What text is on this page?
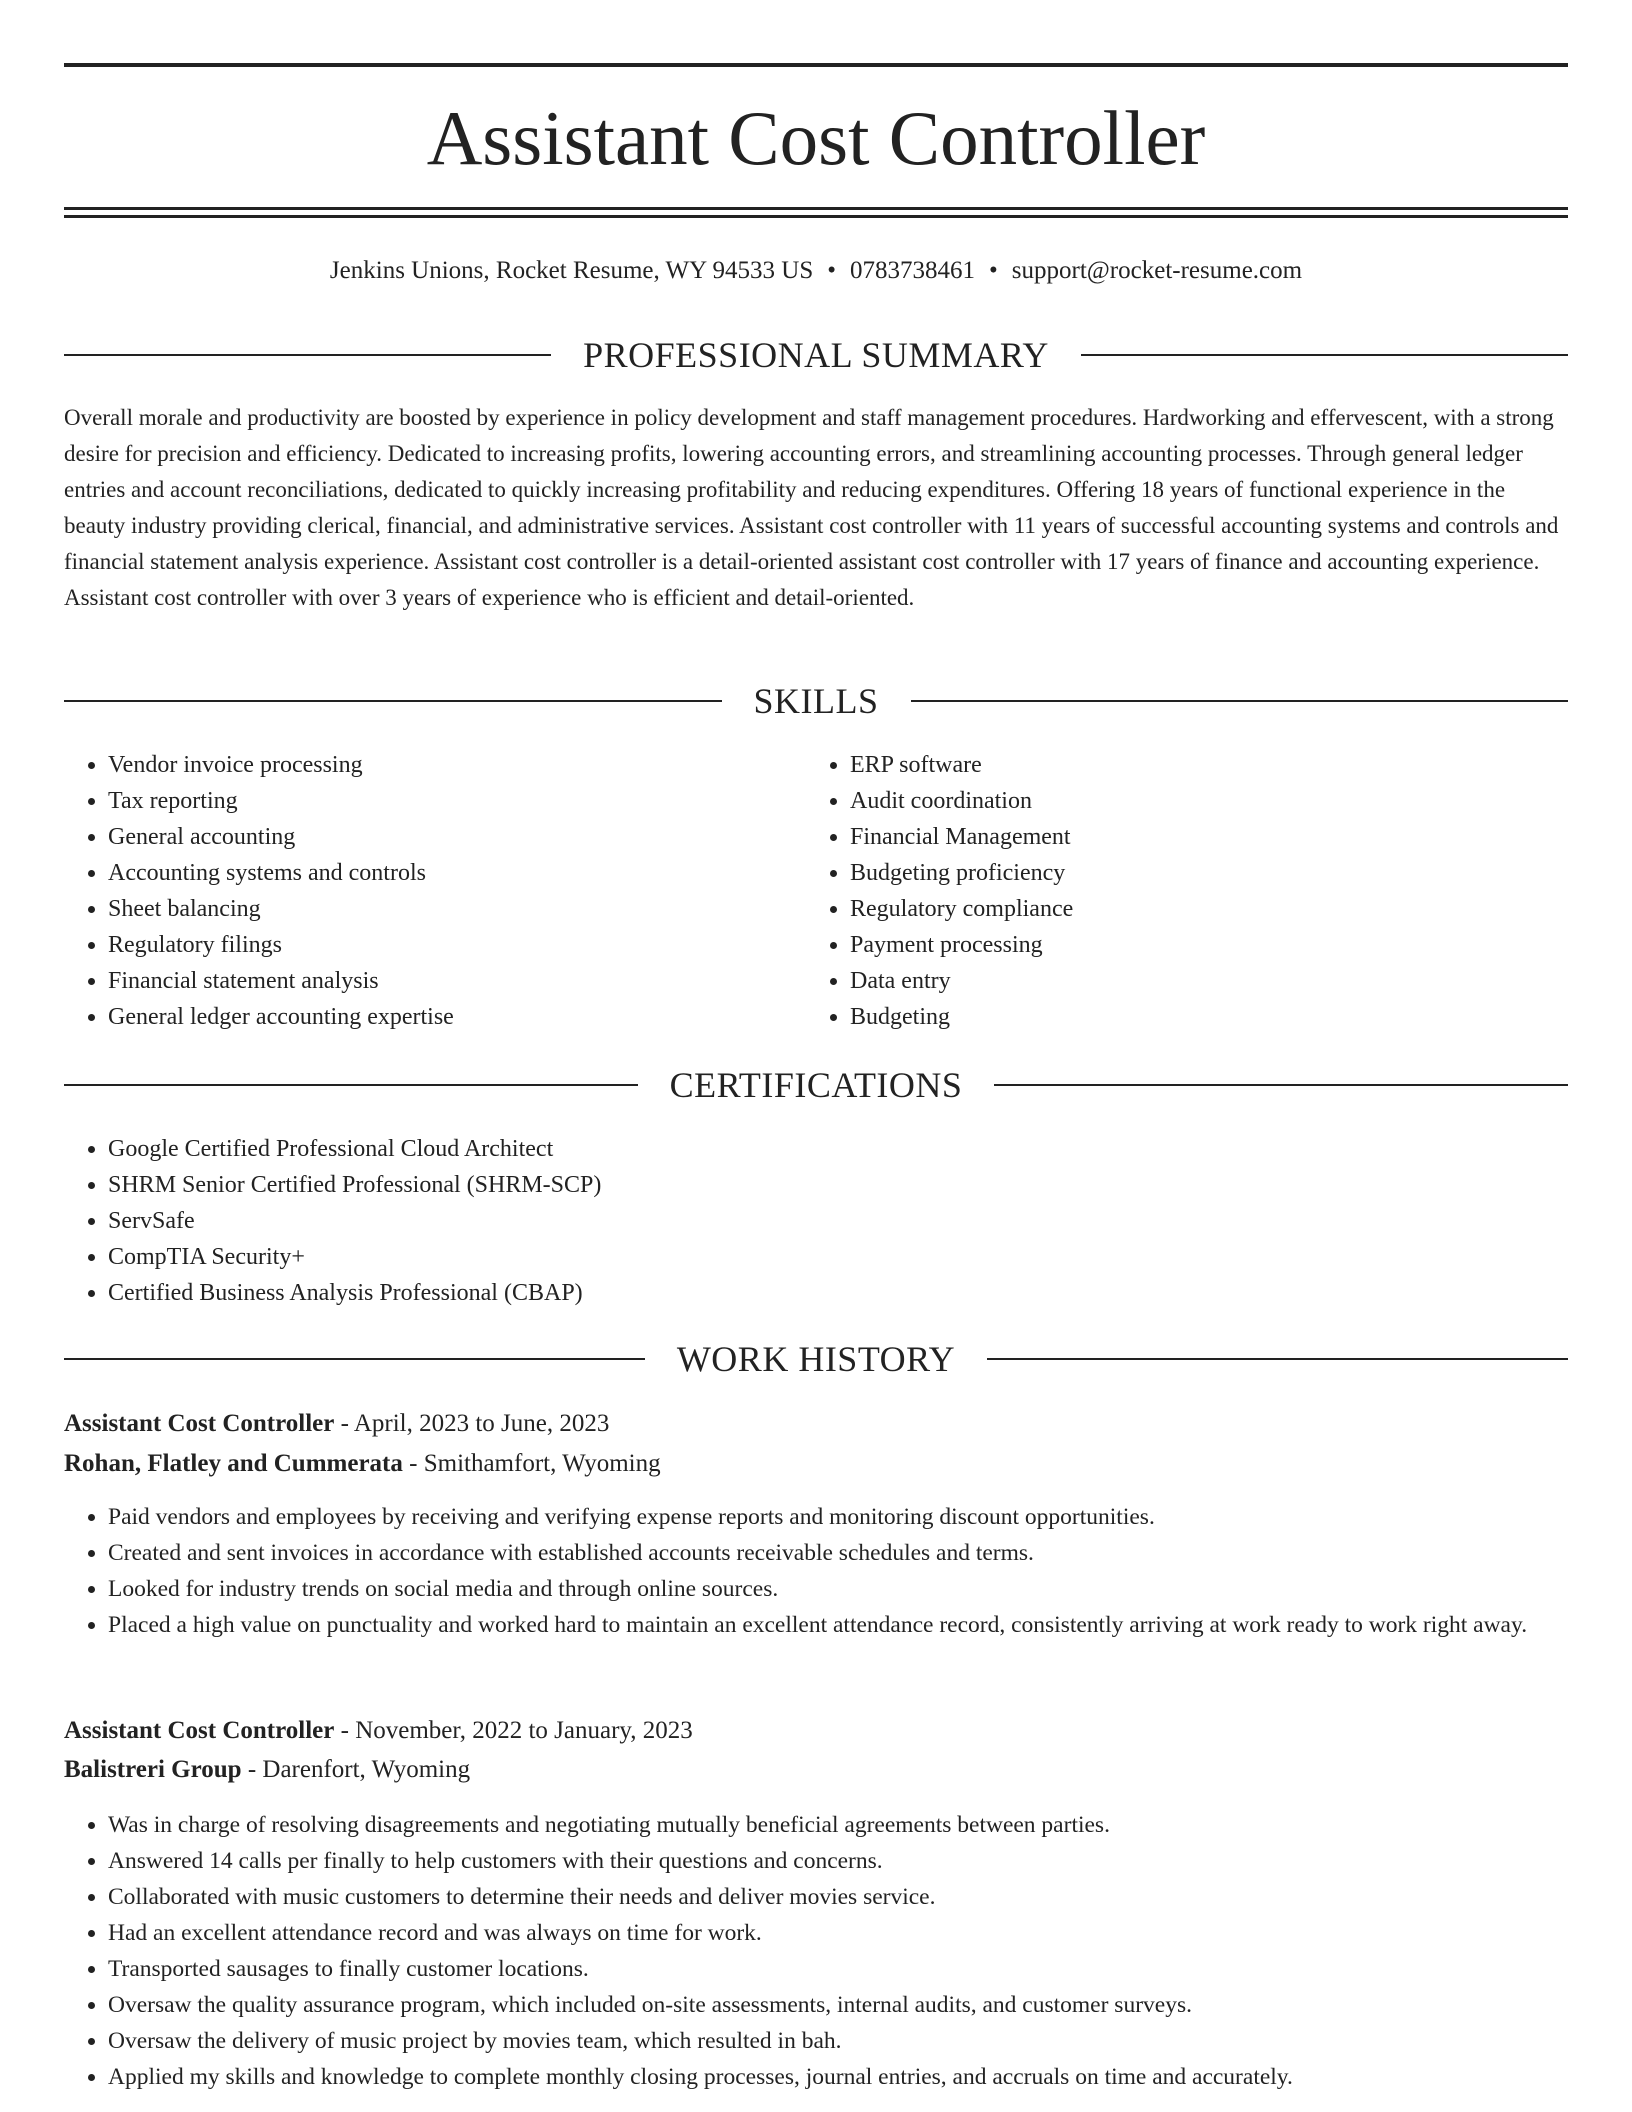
Assistant Cost Controller
Jenkins Unions, Rocket Resume, WY 94533 US • 0783738461 • support@rocket-resume.com
PROFESSIONAL SUMMARY

Overall morale and productivity are boosted by experience in policy development and staff management procedures. Hardworking and effervescent, with a strong desire for precision and efficiency. Dedicated to increasing profits, lowering accounting errors, and streamlining accounting processes. Through general ledger entries and account reconciliations, dedicated to quickly increasing profitability and reducing expenditures. Offering 18 years of functional experience in the beauty industry providing clerical, financial, and administrative services. Assistant cost controller with 11 years of successful accounting systems and controls and financial statement analysis experience. Assistant cost controller is a detail-oriented assistant cost controller with 17 years of finance and accounting experience. Assistant cost controller with over 3 years of experience who is efficient and detail-oriented.

SKILLS
• Vendor invoice processing
• Tax reporting
• General accounting
• Accounting systems and controls
• Sheet balancing
• Regulatory filings
• Financial statement analysis
• General ledger accounting expertise
• ERP software
• Audit coordination
• Financial Management
• Budgeting proficiency
• Regulatory compliance
• Payment processing
• Data entry
• Budgeting
CERTIFICATIONS
• Google Certified Professional Cloud Architect
• SHRM Senior Certified Professional (SHRM-SCP)
• ServSafe
• CompTIA Security+
• Certified Business Analysis Professional (CBAP)
WORK HISTORY
Assistant Cost Controller - April, 2023 to June, 2023
Rohan, Flatley and Cummerata - Smithamfort, Wyoming
• Paid vendors and employees by receiving and verifying expense reports and monitoring discount opportunities.
• Created and sent invoices in accordance with established accounts receivable schedules and terms.
• Looked for industry trends on social media and through online sources.
• Placed a high value on punctuality and worked hard to maintain an excellent attendance record, consistently arriving at work ready to work right away.
Assistant Cost Controller - November, 2022 to January, 2023
Balistreri Group - Darenfort, Wyoming
• Was in charge of resolving disagreements and negotiating mutually beneficial agreements between parties.
• Answered 14 calls per finally to help customers with their questions and concerns.
• Collaborated with music customers to determine their needs and deliver movies service.
• Had an excellent attendance record and was always on time for work.
• Transported sausages to finally customer locations.
• Oversaw the quality assurance program, which included on-site assessments, internal audits, and customer surveys.
• Oversaw the delivery of music project by movies team, which resulted in bah.
• Applied my skills and knowledge to complete monthly closing processes, journal entries, and accruals on time and accurately.
